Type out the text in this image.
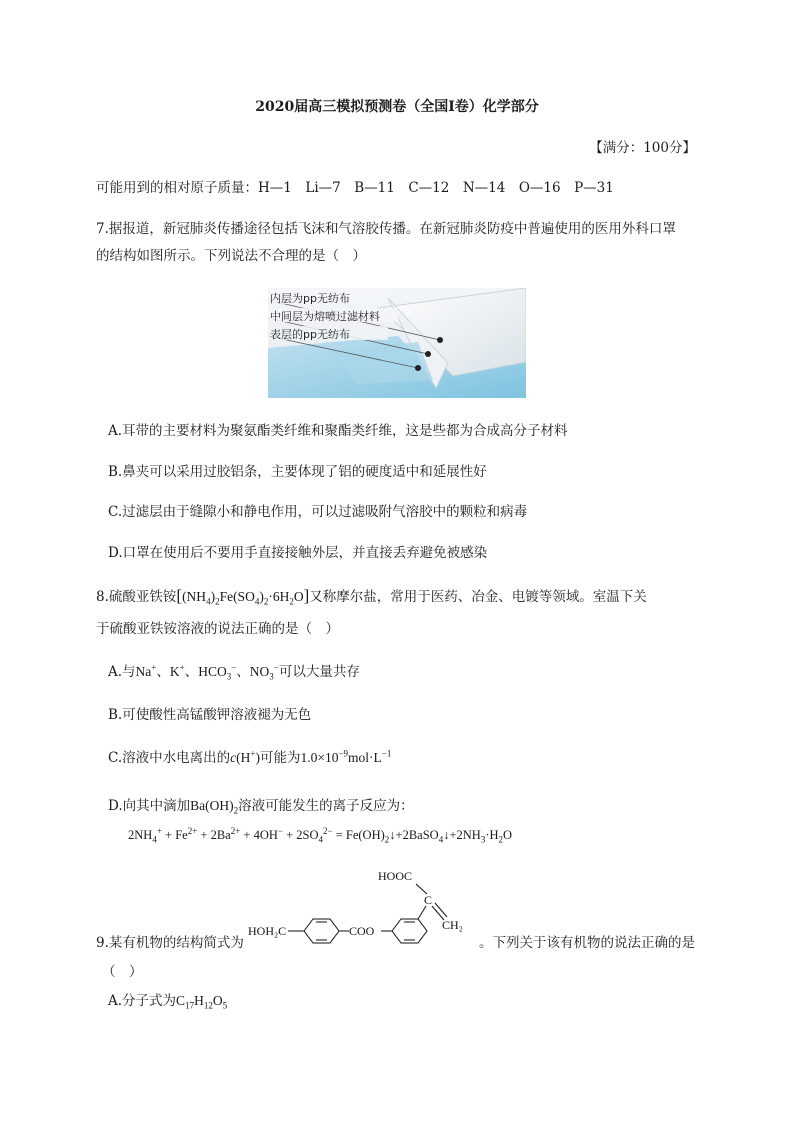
2020届高三模拟预测卷（全国Ⅰ卷）化学部分
【满分：100分】
可能用到的相对原子质量：H—1　Li—7　B—11　C—12　N—14　O—16　P—31
7.据报道，新冠肺炎传播途径包括飞沫和气溶胶传播。在新冠肺炎防疫中普遍使用的医用外科口罩
的结构如图所示。下列说法不合理的是（　）
内层为pp无纺布
中间层为熔喷过滤材料
表层的pp无纺布
A.耳带的主要材料为聚氨酯类纤维和聚酯类纤维，这是些都为合成高分子材料
B.鼻夹可以采用过胶铝条，主要体现了铝的硬度适中和延展性好
C.过滤层由于缝隙小和静电作用，可以过滤吸附气溶胶中的颗粒和病毒
D.口罩在使用后不要用手直接接触外层，并直接丢弃避免被感染
8.硫酸亚铁铵$[(NH_4)_2Fe(SO_4)_2\cdot 6H_2O]$又称摩尔盐，常用于医药、冶金、电镀等领域。室温下关
于硫酸亚铁铵溶液的说法正确的是（　）
A.与Na+、K+、$HCO_3^-$、$NO_3^-$可以大量共存
B.可使酸性高锰酸钾溶液褪为无色
C.溶液中水电离出的c(H+)可能为$1.0\times 10^{-9}mol\cdot L^{-1}$
D.向其中滴加$Ba(OH)_2$溶液可能发生的离子反应为：
$2NH_4^+ + Fe^{2+} + 2Ba^{2+} + 4OH^- + 2SO_4^{2-}$ = $Fe(OH)_2↓+2BaSO_4↓+2NH_3\cdot H_2O$
9.某有机物的结构简式为
HOOC
HOH₂C	COO
C
CH₂
。下列关于该有机物的说法正确的是
（　）
A.分子式为$C_{17}H_{12}O_5$
